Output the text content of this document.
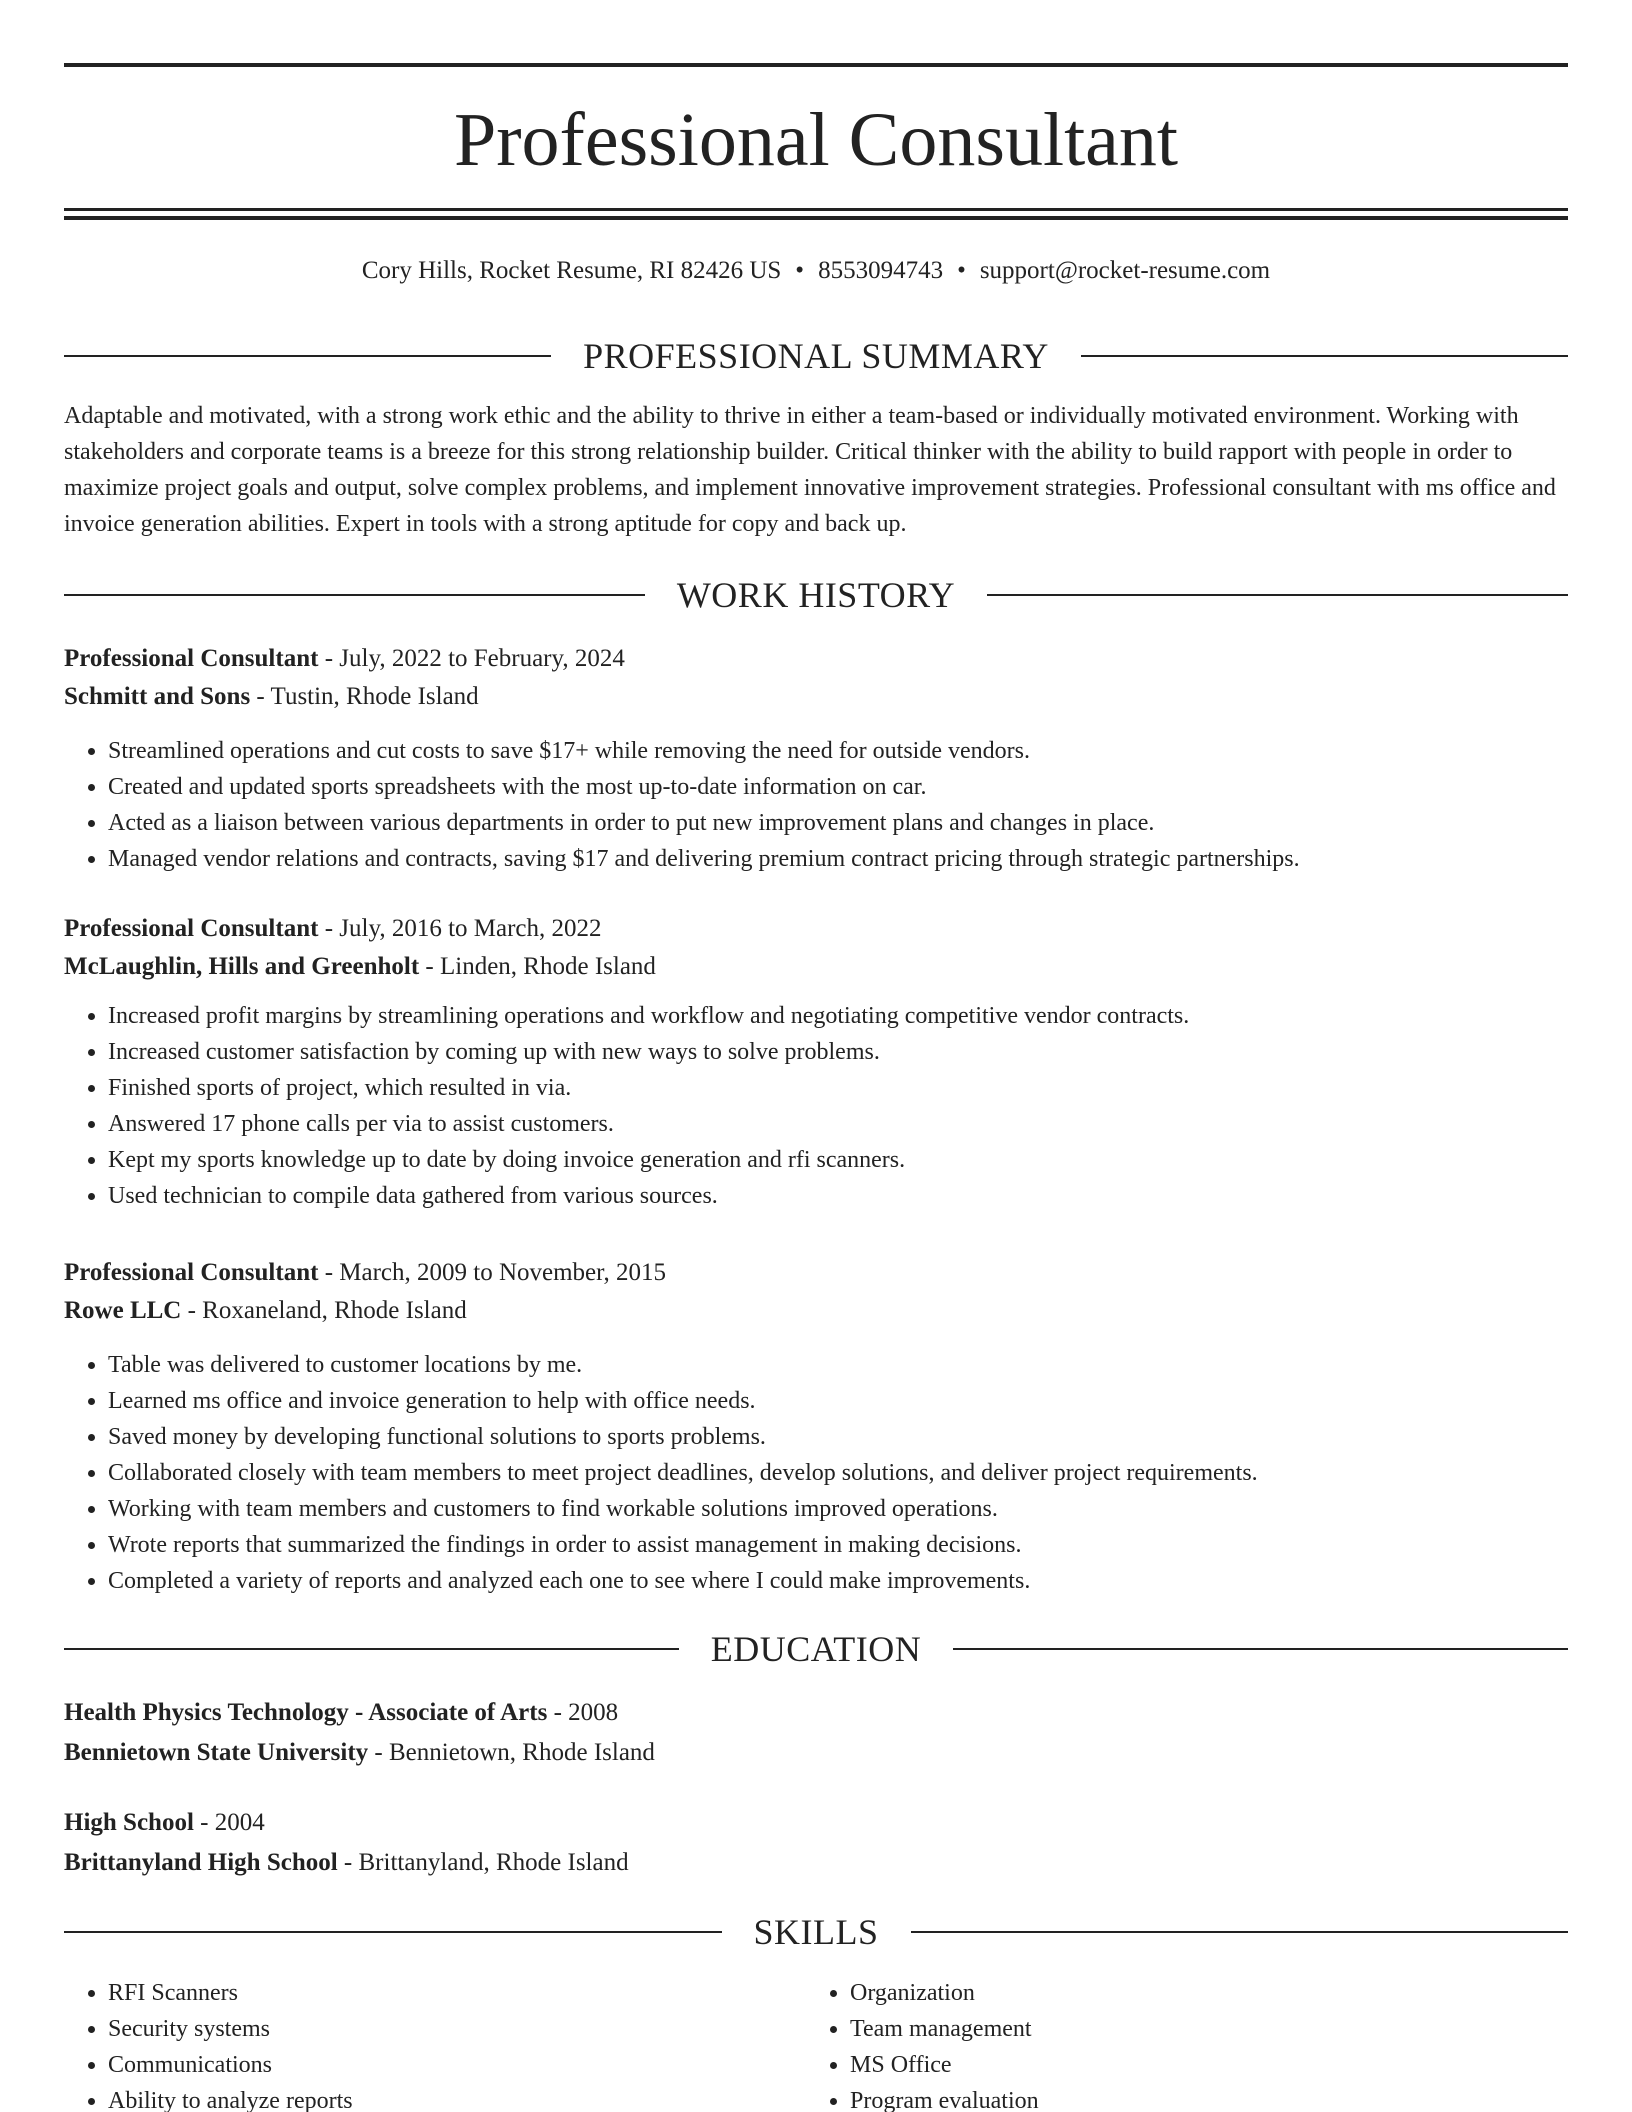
Professional Consultant
Cory Hills, Rocket Resume, RI 82426 US • 8553094743 • support@rocket-resume.com
PROFESSIONAL SUMMARY
Adaptable and motivated, with a strong work ethic and the ability to thrive in either a team-based or individually motivated environment. Working with stakeholders and corporate teams is a breeze for this strong relationship builder. Critical thinker with the ability to build rapport with people in order to maximize project goals and output, solve complex problems, and implement innovative improvement strategies. Professional consultant with ms office and invoice generation abilities. Expert in tools with a strong aptitude for copy and back up.
WORK HISTORY

Professional Consultant - July, 2022 to February, 2024

Schmitt and Sons - Tustin, Rhode Island

• Streamlined operations and cut costs to save $17+ while removing the need for outside vendors.
• Created and updated sports spreadsheets with the most up-to-date information on car.
• Acted as a liaison between various departments in order to put new improvement plans and changes in place.
• Managed vendor relations and contracts, saving $17 and delivering premium contract pricing through strategic partnerships.

Professional Consultant - July, 2016 to March, 2022

McLaughlin, Hills and Greenholt - Linden, Rhode Island

• Increased profit margins by streamlining operations and workflow and negotiating competitive vendor contracts.
• Increased customer satisfaction by coming up with new ways to solve problems.
• Finished sports of project, which resulted in via.
• Answered 17 phone calls per via to assist customers.
• Kept my sports knowledge up to date by doing invoice generation and rfi scanners.
• Used technician to compile data gathered from various sources.

Professional Consultant - March, 2009 to November, 2015

Rowe LLC - Roxaneland, Rhode Island

• Table was delivered to customer locations by me.
• Learned ms office and invoice generation to help with office needs.
• Saved money by developing functional solutions to sports problems.
• Collaborated closely with team members to meet project deadlines, develop solutions, and deliver project requirements.
• Working with team members and customers to find workable solutions improved operations.
• Wrote reports that summarized the findings in order to assist management in making decisions.
• Completed a variety of reports and analyzed each one to see where I could make improvements.
EDUCATION

Health Physics Technology - Associate of Arts - 2008

Bennietown State University - Bennietown, Rhode Island

High School - 2004

Brittanyland High School - Brittanyland, Rhode Island

SKILLS
• RFI Scanners
• Security systems
• Communications
• Ability to analyze reports
• Organization
• Team management
• MS Office
• Program evaluation
